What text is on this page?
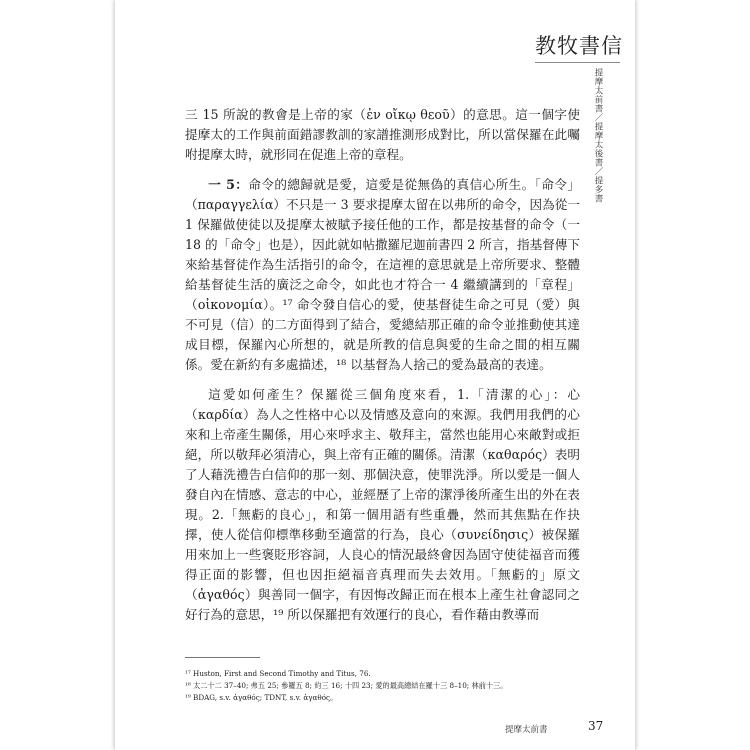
教牧書信
提摩太前書／提摩太後書／提多書

三 15 所說的教會是上帝的家（ἐν οἴκῳ θεοῦ）的意思。這一個字使提摩太的工作與前面錯謬教訓的家譜推測形成對比，所以當保羅在此囑咐提摩太時，就形同在促進上帝的章程。

一 5：命令的總歸就是愛，這愛是從無偽的真信心所生。「命令」（παραγγελία）不只是一 3 要求提摩太留在以弗所的命令，因為從一 1 保羅做使徒以及提摩太被賦予接任他的工作，都是按基督的命令（一 18 的「命令」也是），因此就如帖撒羅尼迦前書四 2 所言，指基督傳下來給基督徒作為生活指引的命令，在這裡的意思就是上帝所要求、整體給基督徒生活的廣泛之命令，如此也才符合一 4 繼續講到的「章程」（οἰκονομία）。¹⁷ 命令發自信心的愛，使基督徒生命之可見（愛）與不可見（信）的二方面得到了結合，愛總結那正確的命令並推動使其達成目標，保羅內心所想的，就是所教的信息與愛的生命之間的相互關係。愛在新約有多處描述，¹⁸ 以基督為人捨己的愛為最高的表達。

這愛如何產生？保羅從三個角度來看，1.「清潔的心」：心（καρδία）為人之性格中心以及情感及意向的來源。我們用我們的心來和上帝產生關係，用心來呼求主、敬拜主，當然也能用心來敵對或拒絕，所以敬拜必須清心，與上帝有正確的關係。清潔（καθαρός）表明了人藉洗禮告白信仰的那一刻、那個決意，使罪洗淨。所以愛是一個人發自內在情感、意志的中心，並經歷了上帝的潔淨後所產生出的外在表現。2.「無虧的良心」，和第一個用語有些重疊，然而其焦點在作抉擇，使人從信仰標準移動至適當的行為，良心（συνείδησις）被保羅用來加上一些褒貶形容詞，人良心的情況最終會因為固守使徒福音而獲得正面的影響，但也因拒絕福音真理而失去效用。「無虧的」原文（ἀγαθός）與善同一個字，有因悔改歸正而在根本上產生社會認同之好行為的意思，¹⁹ 所以保羅把有效運行的良心，看作藉由教導而

¹⁷ Huston, First and Second Timothy and Titus, 76.
¹⁸ 太二十二 37–40; 弗五 25; 參羅五 8; 約三 16; 十四 23; 愛的最高總結在羅十三 8–10; 林前十三。
¹⁹ BDAG, s.v. ἀγαθός; TDNT, s.v. ἀγαθός。
提摩太前書	37
